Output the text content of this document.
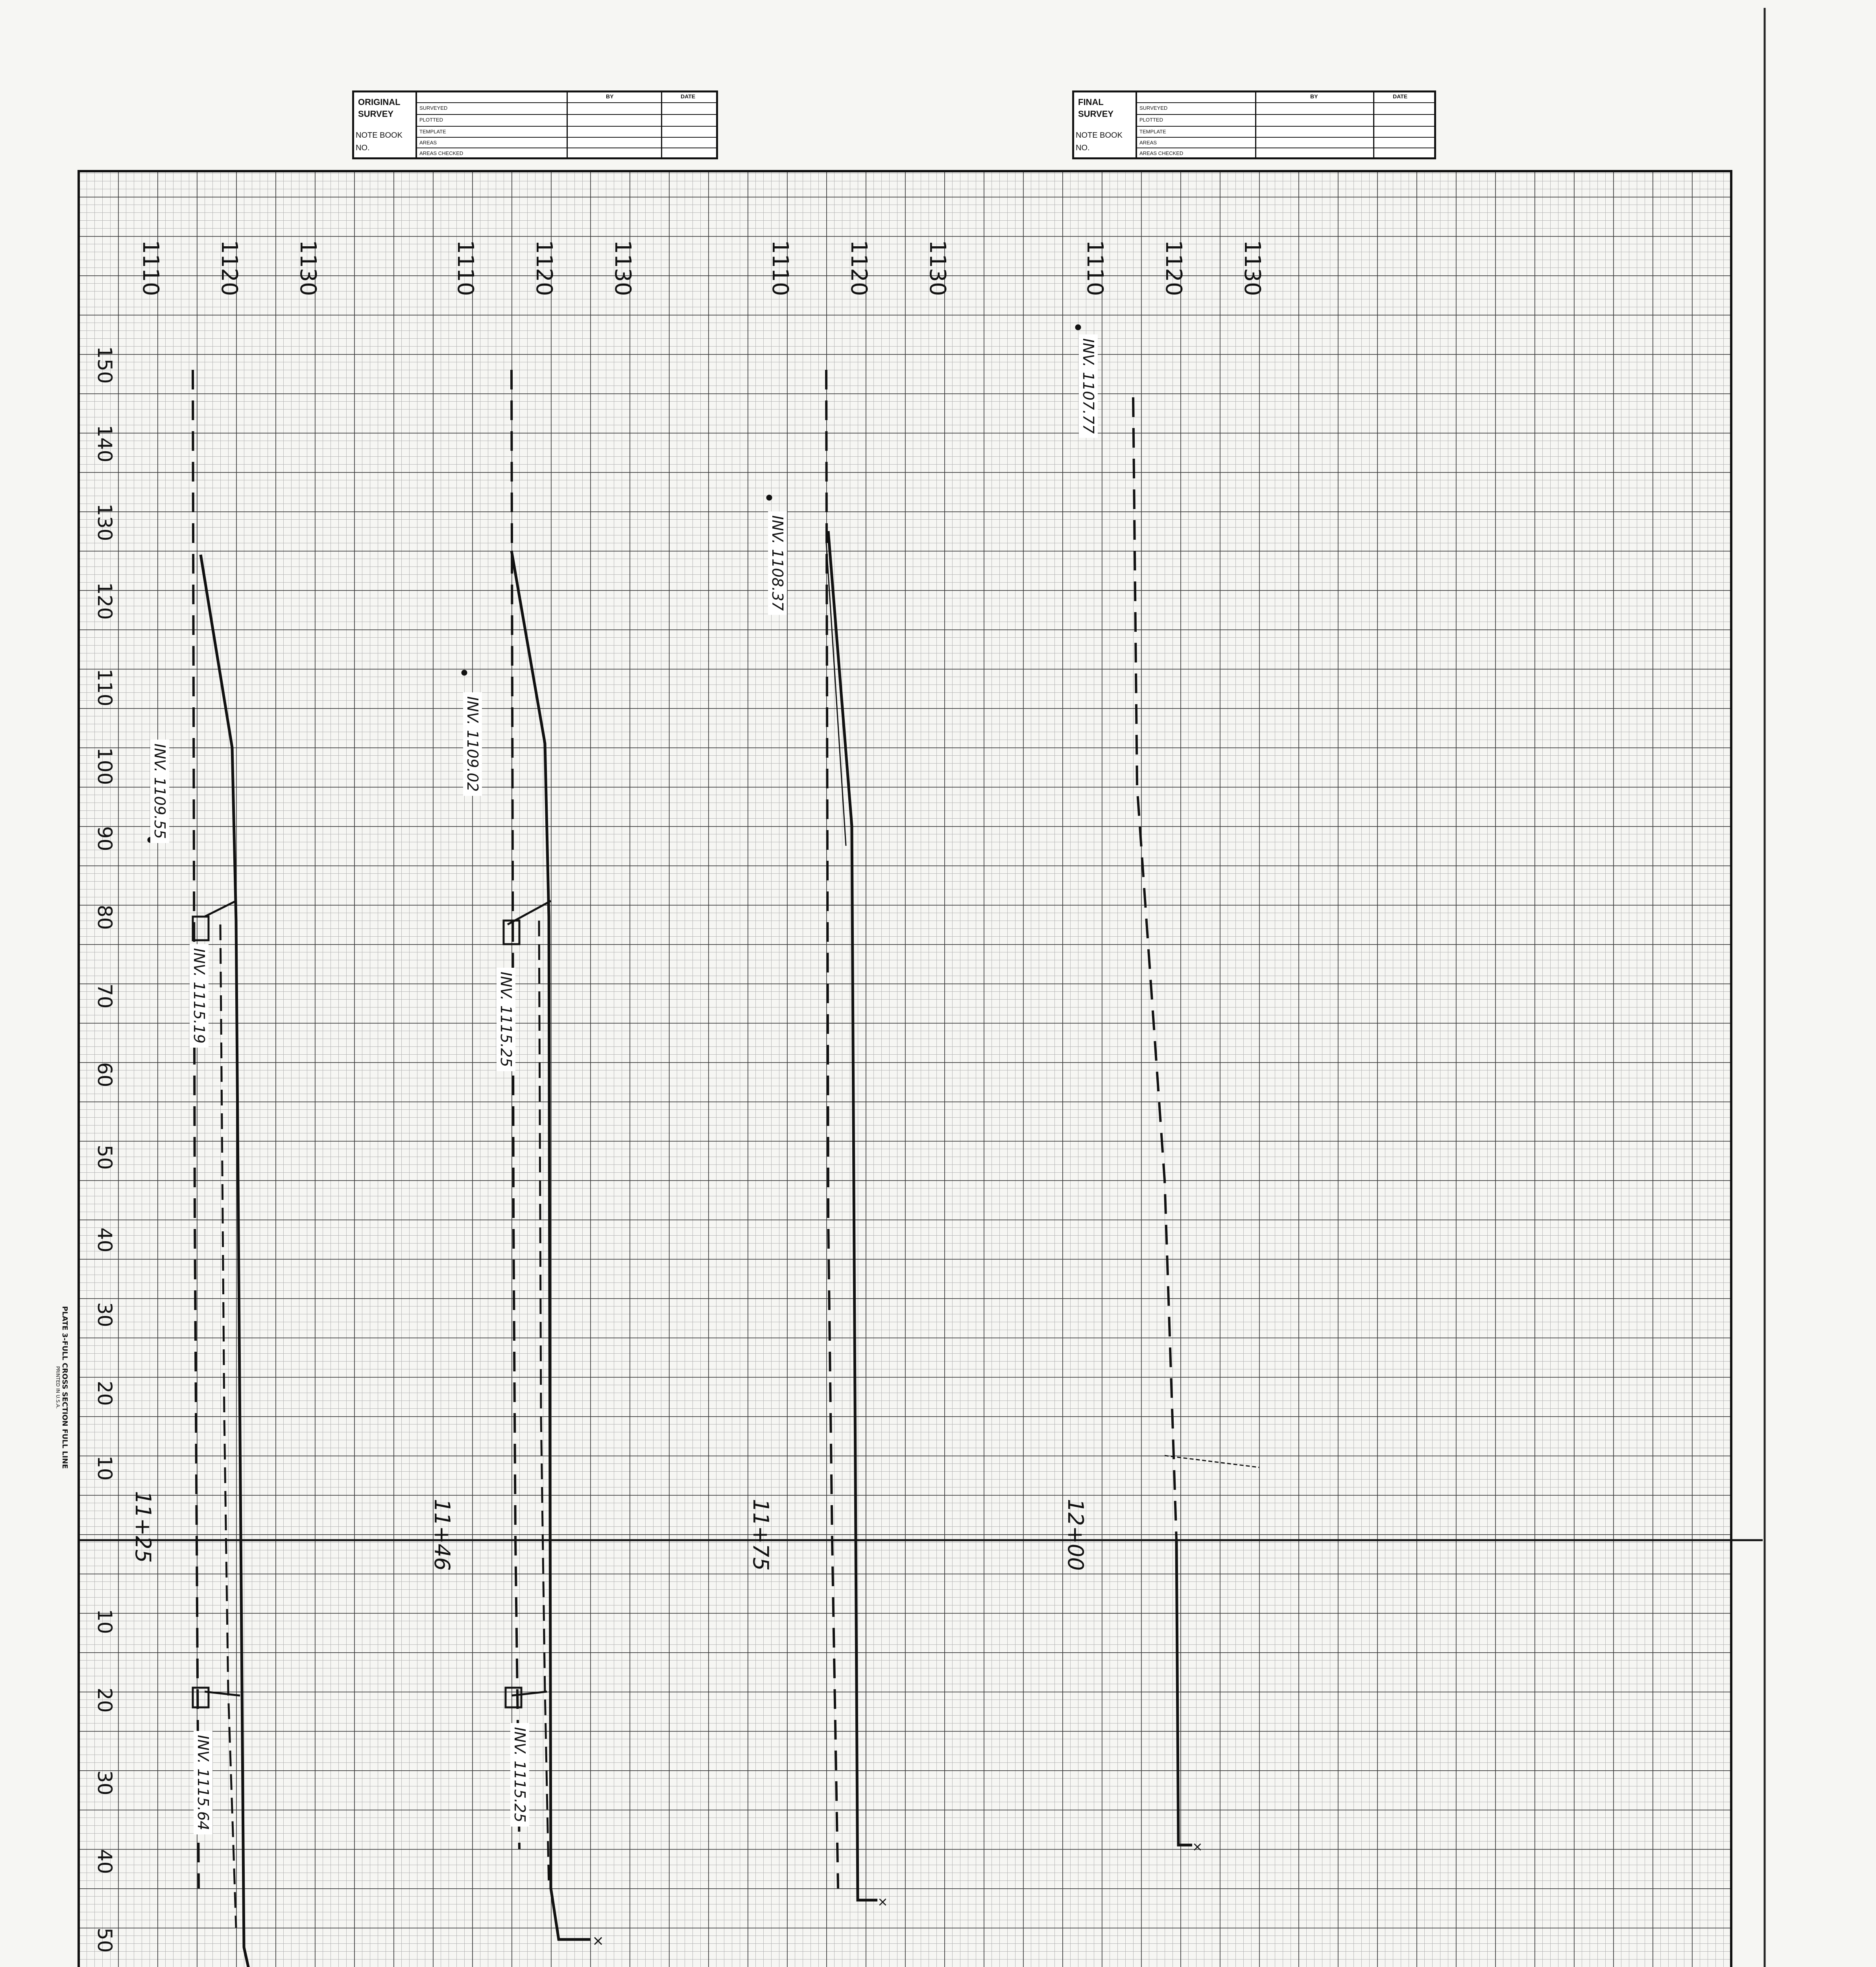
×
×
×
ORIGINAL
SURVEY
NOTE BOOK
NO.
BY	DATE
SURVEYED
PLOTTED
TEMPLATE
AREAS
AREAS CHECKED
FINAL
SURVEY
NOTE BOOK
NO.
BY	DATE
SURVEYED
PLOTTED
TEMPLATE
AREAS
AREAS CHECKED
1110 1120 1130	1110 1120 1130	1110 1120 1130	1110 1120 1130
150
140
130
120
110
100
90
80
70
60
50
40
30
20
10
10
20
30
40
50
11+25	11+46	11+75	12+00
INV. 1109.55
INV. 1115.19
INV. 1115.64
INV. 1109.02
INV. 1115.25
INV. 1115.25
INV. 1108.37
INV. 1107.77
PLATE 3-FULL CROSS SECTION FULL LINE
PRINTED IN U.S.A.
